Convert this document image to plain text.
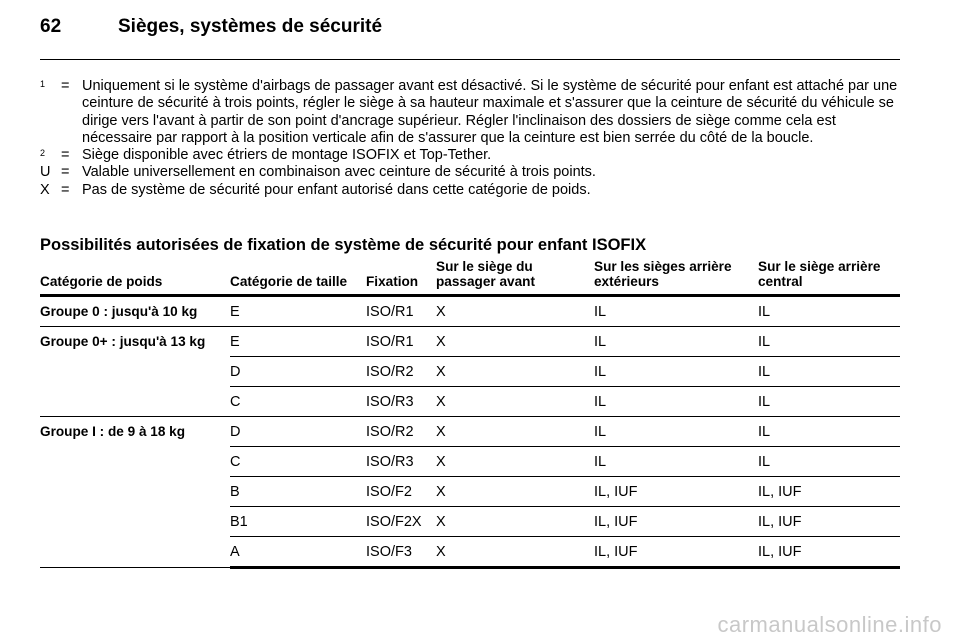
62	Sièges, systèmes de sécurité
$^1$	= Uniquement si le système d'airbags de passager avant est désactivé. Si le système de sécurité pour enfant est attaché par une ceinture de sécurité à trois points, régler le siège à sa hauteur maximale et s'assurer que la ceinture de sécurité du véhicule se dirige vers l'avant à partir de son point d'ancrage supérieur. Régler l'inclinaison des dossiers de siège comme cela est nécessaire par rapport à la position verticale afin de s'assurer que la ceinture est bien serrée du côté de la boucle.
$^2$	= Siège disponible avec étriers de montage ISOFIX et Top-Tether.
U = Valable universellement en combinaison avec ceinture de sécurité à trois points.
X = Pas de système de sécurité pour enfant autorisé dans cette catégorie de poids.
Possibilités autorisées de fixation de système de sécurité pour enfant ISOFIX
Catégorie de poids	Catégorie de taille	Fixation	Sur le siège du passager avant	Sur les sièges arrière extérieurs	Sur le siège arrière central
Groupe 0 : jusqu'à 10 kg	E	ISO/R1	X	IL	IL
Groupe 0+ : jusqu'à 13 kg	E	ISO/R1	X	IL	IL
	D	ISO/R2	X	IL	IL
	C	ISO/R3	X	IL	IL
Groupe I : de 9 à 18 kg	D	ISO/R2	X	IL	IL
	C	ISO/R3	X	IL	IL
	B	ISO/F2	X	IL, IUF	IL, IUF
	B1	ISO/F2X	X	IL, IUF	IL, IUF
	A	ISO/F3	X	IL, IUF	IL, IUF
carmanualsonline.info
